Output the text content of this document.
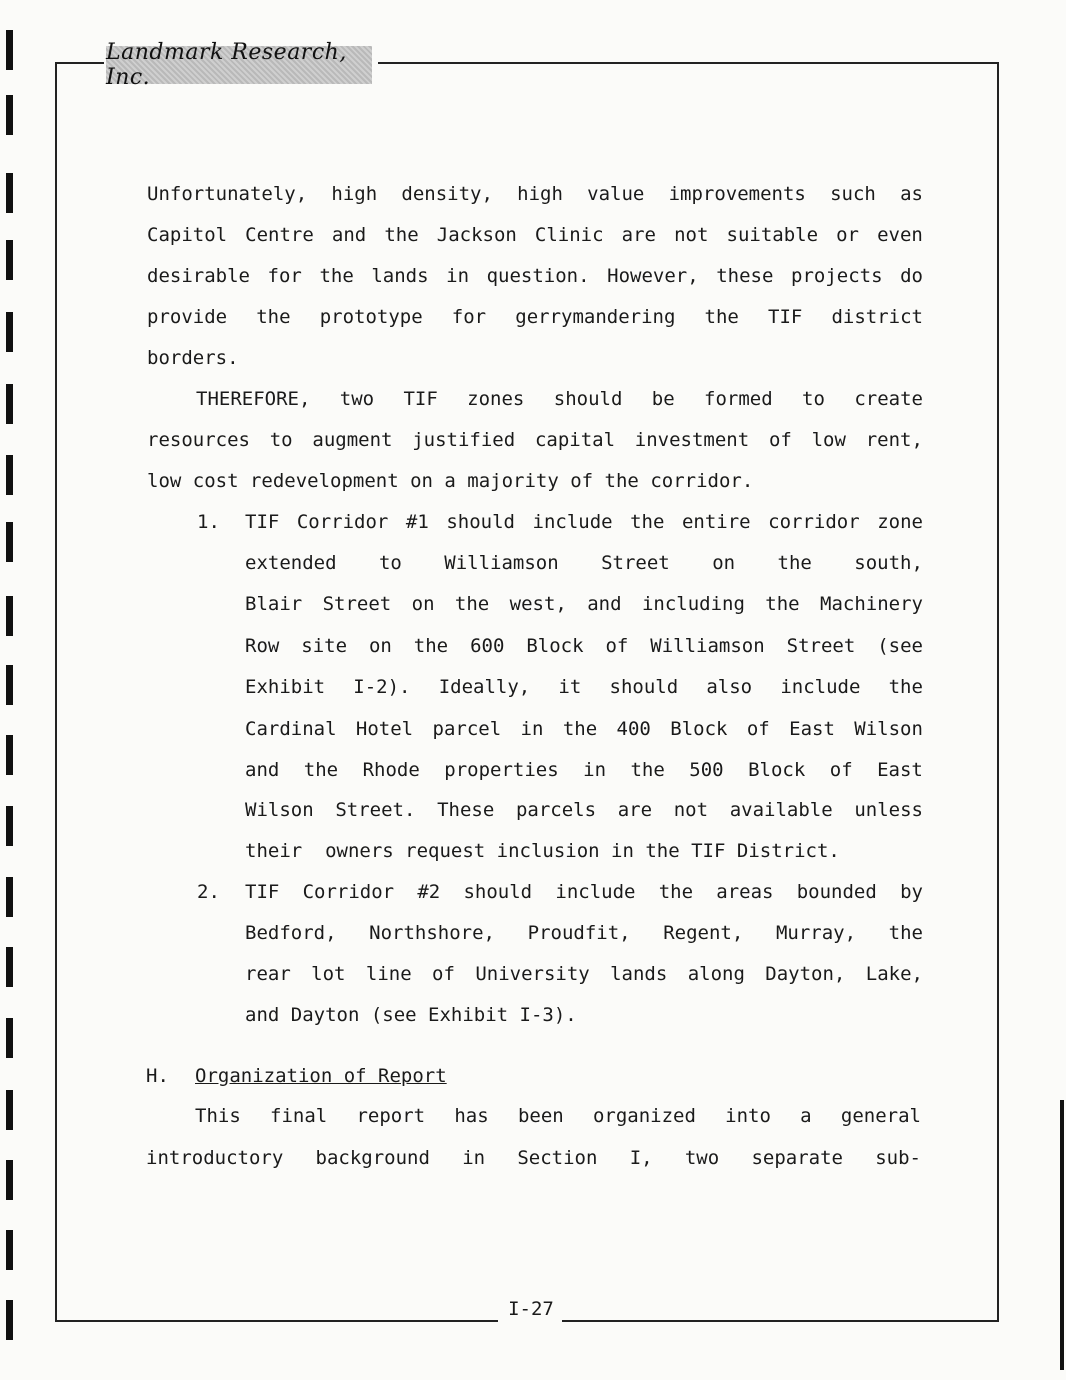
Landmark Research, Inc.
Unfortunately, high density, high value improvements such as
Capitol Centre and the Jackson Clinic are not suitable or even
desirable for the lands in question. However, these projects do
provide the prototype for gerrymandering the TIF district
borders.
THEREFORE, two TIF zones should be formed to create
resources to augment justified capital investment of low rent,
low cost redevelopment on a majority of the corridor.
1. TIF Corridor #1 should include the entire corridor zone
extended to Williamson Street on the south,
Blair Street on the west, and including the Machinery
Row site on the 600 Block of Williamson Street (see
Exhibit I-2). Ideally, it should also include the
Cardinal Hotel parcel in the 400 Block of East Wilson
and the Rhode properties in the 500 Block of East
Wilson Street. These parcels are not available unless
their  owners request inclusion in the TIF District.
2. TIF Corridor #2 should include the areas bounded by
Bedford, Northshore, Proudfit, Regent, Murray, the
rear lot line of University lands along Dayton, Lake,
and Dayton (see Exhibit I-3).
H. Organization of Report
This final report has been organized into a general
introductory background in Section I, two separate sub-
I-27
